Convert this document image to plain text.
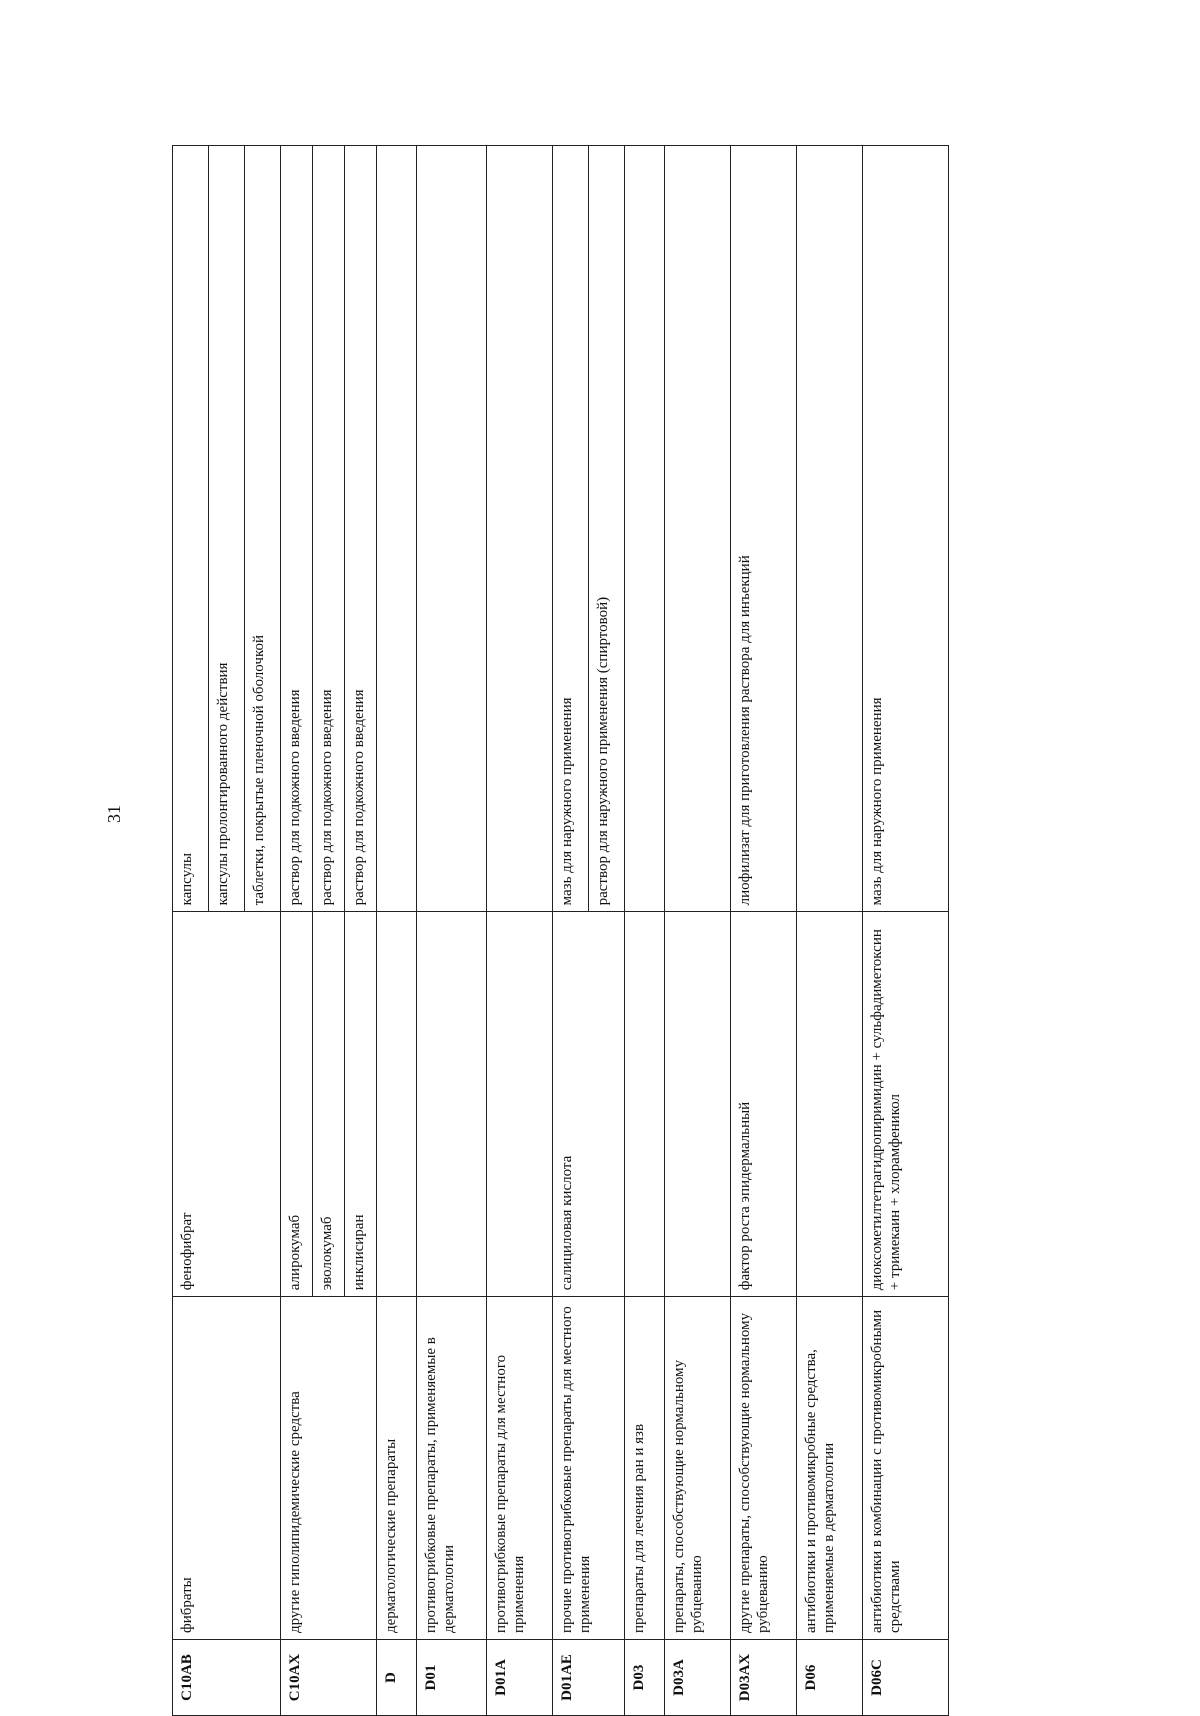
31
C10AB	фибраты	фенофибрат	капсулы
			капсулы пролонгированного действия
			таблетки, покрытые пленочной оболочкой
C10AX	другие гиполипидемические средства	алирокумаб	раствор для подкожного введения
		эволокумаб	раствор для подкожного введения
		инклисиран	раствор для подкожного введения
D	дерматологические препараты		
D01	противогрибковые препараты, применяемые в дерматологии		
D01A	противогрибковые препараты для местного применения		
D01AE	прочие противогрибковые препараты для местного применения	салициловая кислота	мазь для наружного применения
			раствор для наружного применения (спиртовой)
D03	препараты для лечения ран и язв		
D03A	препараты, способствующие нормальному рубцеванию		
D03AX	другие препараты, способствующие нормальному рубцеванию	фактор роста эпидермальный	лиофилизат для приготовления раствора для инъекций
D06	антибиотики и противомикробные средства, применяемые в дерматологии		
D06C	антибиотики в комбинации с противомикробными средствами	диоксометилтетрагидропиримидин + сульфадиметоксин + тримекаин + хлорамфеникол	мазь для наружного применения
